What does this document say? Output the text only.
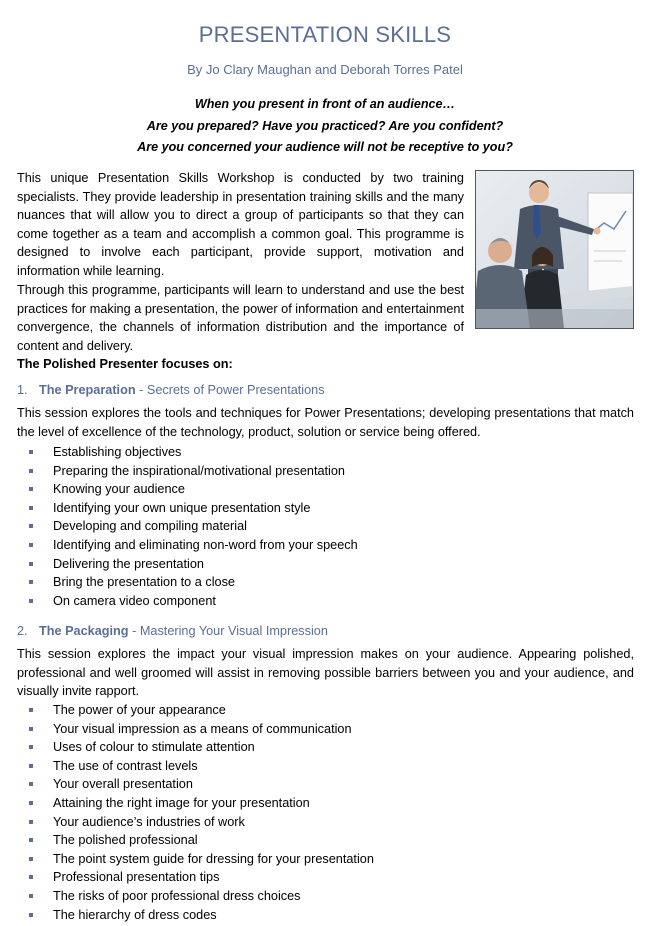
PRESENTATION SKILLS
By Jo Clary Maughan and Deborah Torres Patel
When you present in front of an audience…
Are you prepared? Have you practiced? Are you confident?
Are you concerned your audience will not be receptive to you?
This unique Presentation Skills Workshop is conducted by two training specialists. They provide leadership in presentation training skills and the many nuances that will allow you to direct a group of participants so that they can come together as a team and accomplish a common goal. This programme is designed to involve each participant, provide support, motivation and information while learning.
Through this programme, participants will learn to understand and use the best practices for making a presentation, the power of information and entertainment convergence, the channels of information distribution and the importance of content and delivery.
The Polished Presenter focuses on:
1. The Preparation - Secrets of Power Presentations
This session explores the tools and techniques for Power Presentations; developing presentations that match the level of excellence of the technology, product, solution or service being offered.
Establishing objectives
Preparing the inspirational/motivational presentation
Knowing your audience
Identifying your own unique presentation style
Developing and compiling material
Identifying and eliminating non-word from your speech
Delivering the presentation
Bring the presentation to a close
On camera video component
2. The Packaging - Mastering Your Visual Impression
This session explores the impact your visual impression makes on your audience. Appearing polished, professional and well groomed will assist in removing possible barriers between you and your audience, and visually invite rapport.
The power of your appearance
Your visual impression as a means of communication
Uses of colour to stimulate attention
The use of contrast levels
Your overall presentation
Attaining the right image for your presentation
Your audience’s industries of work
The polished professional
The point system guide for dressing for your presentation
Professional presentation tips
The risks of poor professional dress choices
The hierarchy of dress codes
